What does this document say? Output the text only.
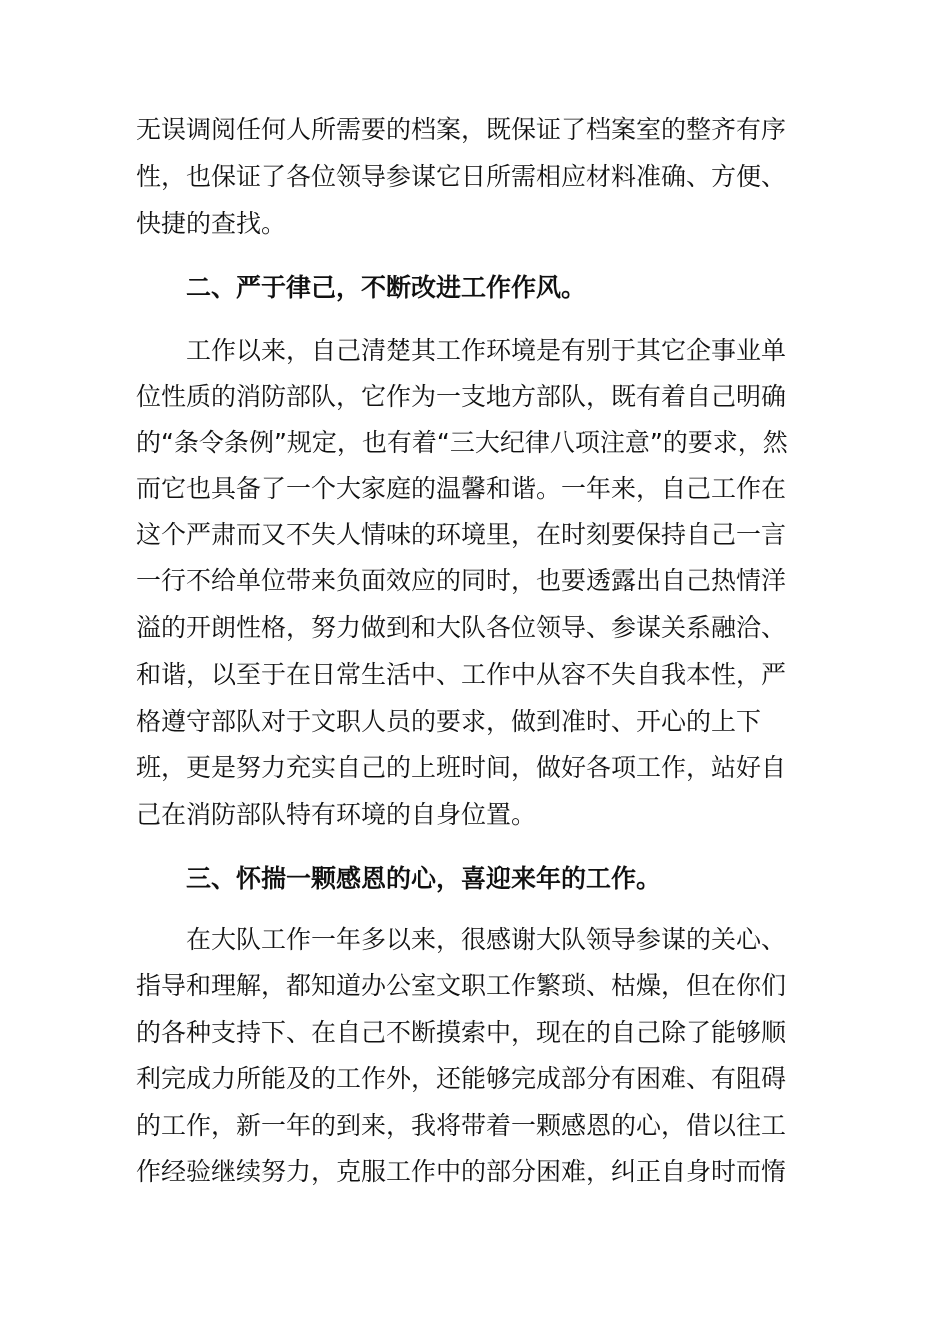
无误调阅任何人所需要的档案，既保证了档案室的整齐有序
性，也保证了各位领导参谋它日所需相应材料准确、方便、
快捷的查找。
二、严于律己，不断改进工作作风。
工作以来，自己清楚其工作环境是有别于其它企事业单
位性质的消防部队，它作为一支地方部队，既有着自己明确
的“条令条例”规定，也有着“三大纪律八项注意”的要求，然
而它也具备了一个大家庭的温馨和谐。一年来，自己工作在
这个严肃而又不失人情味的环境里，在时刻要保持自己一言
一行不给单位带来负面效应的同时，也要透露出自己热情洋
溢的开朗性格，努力做到和大队各位领导、参谋关系融洽、
和谐，以至于在日常生活中、工作中从容不失自我本性，严
格遵守部队对于文职人员的要求，做到准时、开心的上下
班，更是努力充实自己的上班时间，做好各项工作，站好自
己在消防部队特有环境的自身位置。
三、怀揣一颗感恩的心，喜迎来年的工作。
在大队工作一年多以来，很感谢大队领导参谋的关心、
指导和理解，都知道办公室文职工作繁琐、枯燥，但在你们
的各种支持下、在自己不断摸索中，现在的自己除了能够顺
利完成力所能及的工作外，还能够完成部分有困难、有阻碍
的工作，新一年的到来，我将带着一颗感恩的心，借以往工
作经验继续努力，克服工作中的部分困难，纠正自身时而惰
